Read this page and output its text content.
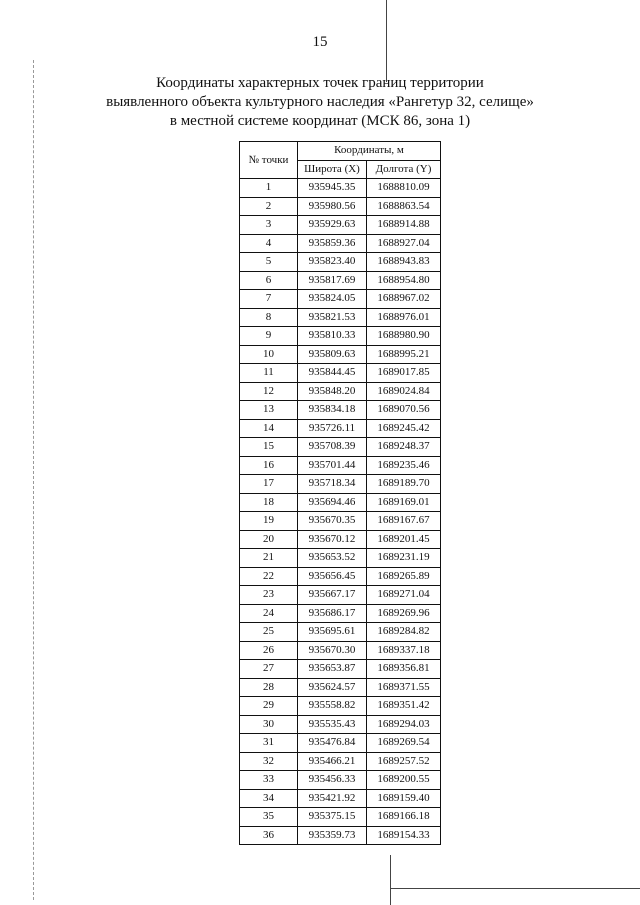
15
Координаты характерных точек границ территории
выявленного объекта культурного наследия «Рангетур 32, селище»
в местной системе координат (МСК 86, зона 1)
№ точки	Координаты, м	
	Широта (X)	Долгота (Y)
1	935945.35	1688810.09
2	935980.56	1688863.54
3	935929.63	1688914.88
4	935859.36	1688927.04
5	935823.40	1688943.83
6	935817.69	1688954.80
7	935824.05	1688967.02
8	935821.53	1688976.01
9	935810.33	1688980.90
10	935809.63	1688995.21
11	935844.45	1689017.85
12	935848.20	1689024.84
13	935834.18	1689070.56
14	935726.11	1689245.42
15	935708.39	1689248.37
16	935701.44	1689235.46
17	935718.34	1689189.70
18	935694.46	1689169.01
19	935670.35	1689167.67
20	935670.12	1689201.45
21	935653.52	1689231.19
22	935656.45	1689265.89
23	935667.17	1689271.04
24	935686.17	1689269.96
25	935695.61	1689284.82
26	935670.30	1689337.18
27	935653.87	1689356.81
28	935624.57	1689371.55
29	935558.82	1689351.42
30	935535.43	1689294.03
31	935476.84	1689269.54
32	935466.21	1689257.52
33	935456.33	1689200.55
34	935421.92	1689159.40
35	935375.15	1689166.18
36	935359.73	1689154.33
